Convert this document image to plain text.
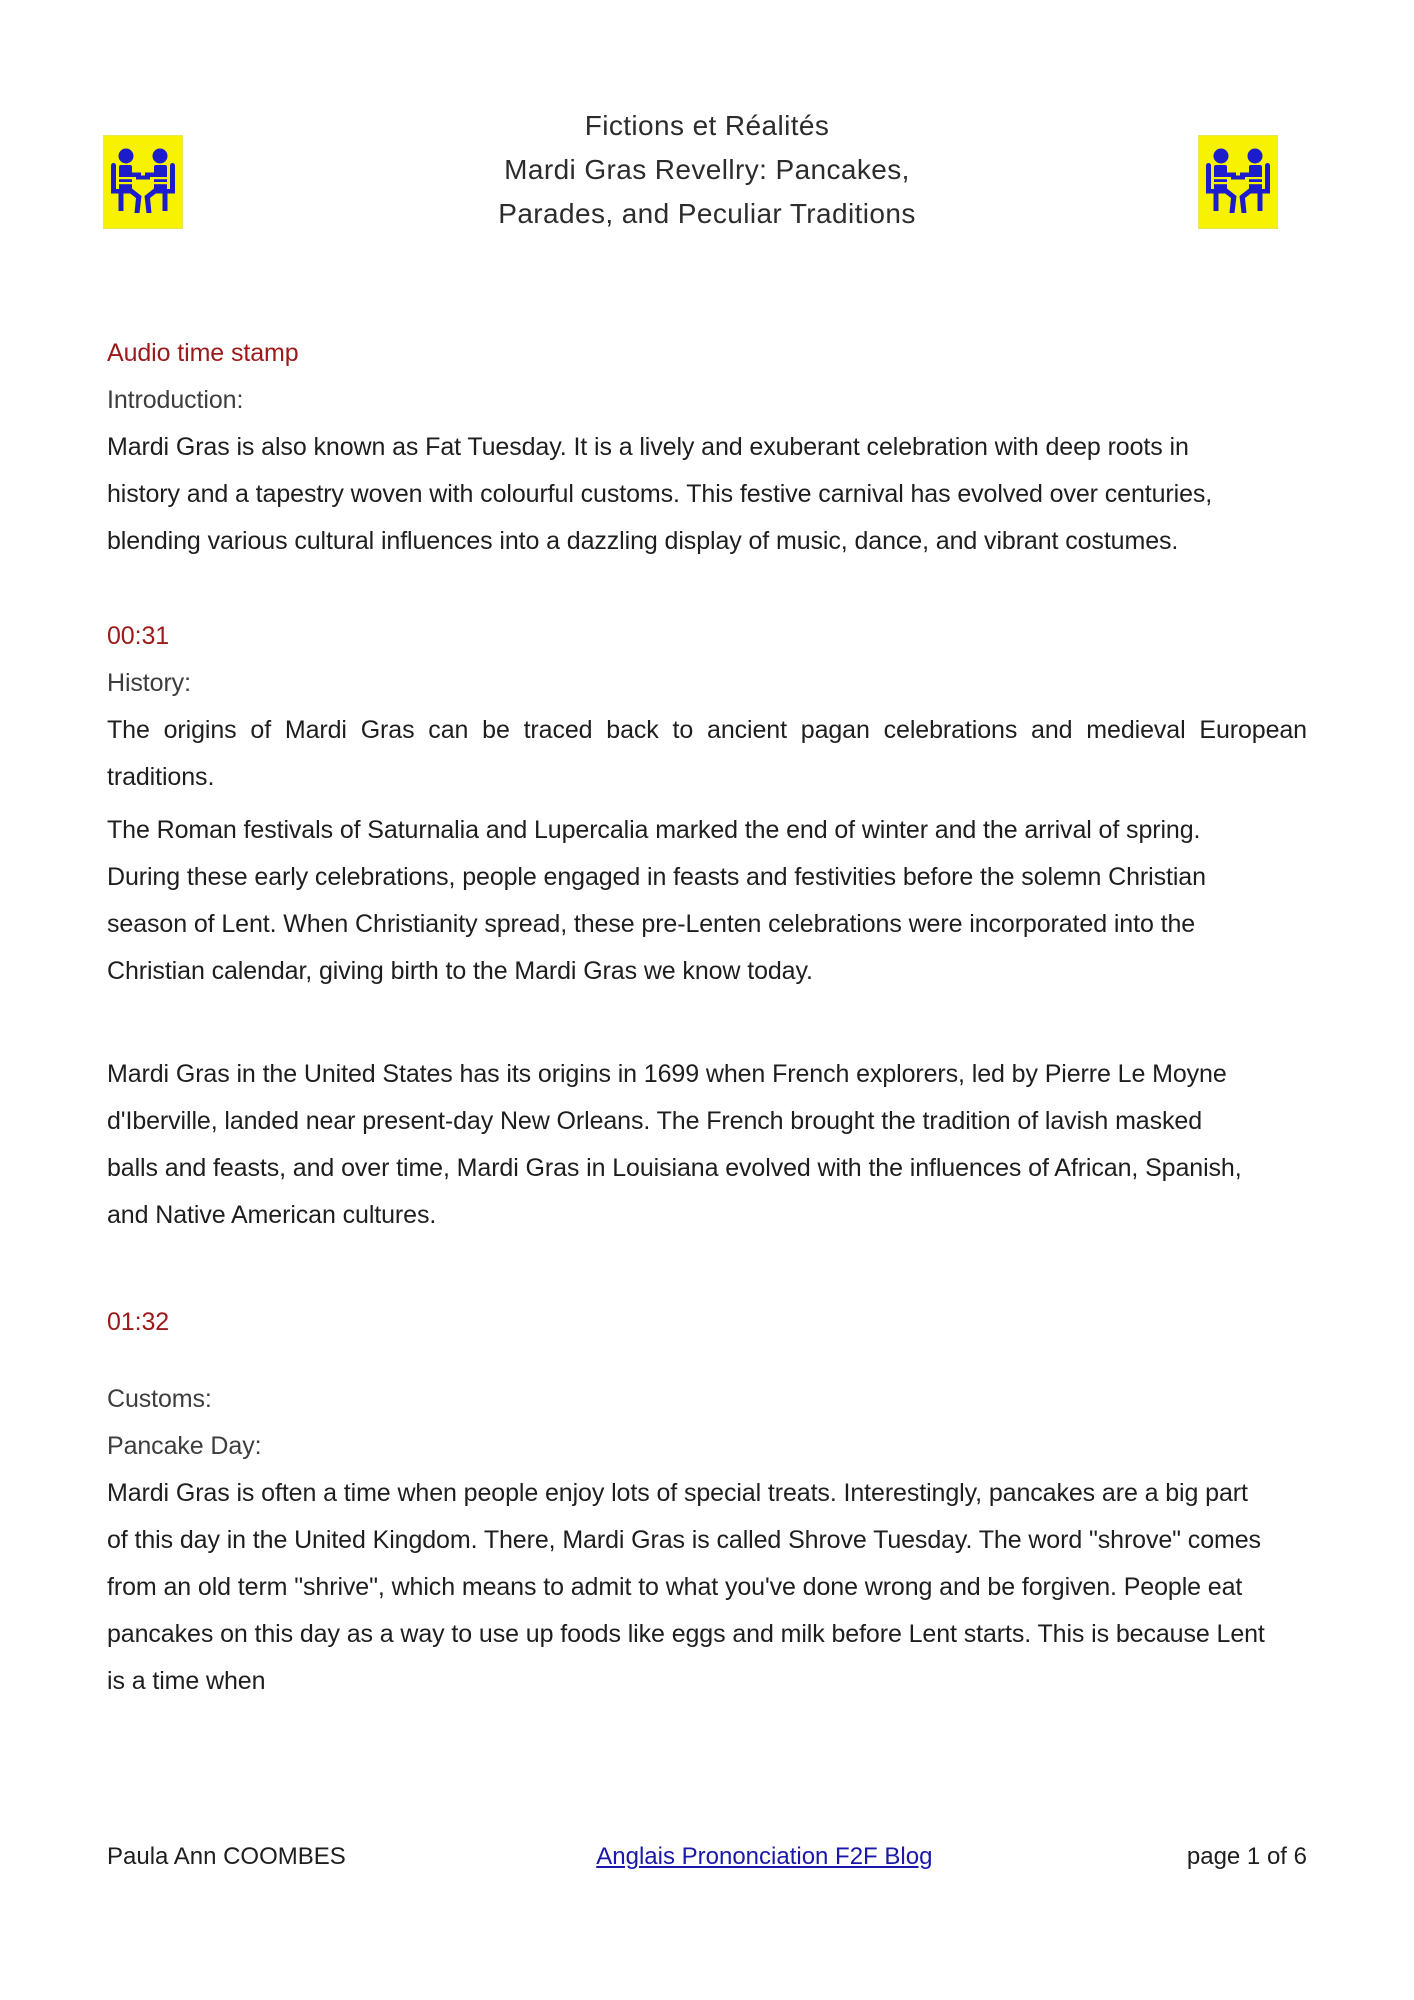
Fictions et Réalités
Mardi Gras Revellry: Pancakes,
Parades, and Peculiar Traditions
Audio time stamp
Introduction:

Mardi Gras is also known as Fat Tuesday. It is a lively and exuberant celebration with deep roots in history and a tapestry woven with colourful customs. This festive carnival has evolved over centuries, blending various cultural influences into a dazzling display of music, dance, and vibrant costumes.

00:31
History:

The origins of Mardi Gras can be traced back to ancient pagan celebrations and medieval European traditions.

The Roman festivals of Saturnalia and Lupercalia marked the end of winter and the arrival of spring. During these early celebrations, people engaged in feasts and festivities before the solemn Christian season of Lent. When Christianity spread, these pre-Lenten celebrations were incorporated into the Christian calendar, giving birth to the Mardi Gras we know today.

Mardi Gras in the United States has its origins in 1699 when French explorers, led by Pierre Le Moyne d'Iberville, landed near present-day New Orleans. The French brought the tradition of lavish masked balls and feasts, and over time, Mardi Gras in Louisiana evolved with the influences of African, Spanish, and Native American cultures.

01:32
Customs:
Pancake Day:

Mardi Gras is often a time when people enjoy lots of special treats. Interestingly, pancakes are a big part of this day in the United Kingdom. There, Mardi Gras is called Shrove Tuesday. The word "shrove" comes from an old term "shrive", which means to admit to what you've done wrong and be forgiven. People eat pancakes on this day as a way to use up foods like eggs and milk before Lent starts. This is because Lent is a time when

Paula Ann COOMBES	Anglais Prononciation F2F Blog	page 1 of 6
